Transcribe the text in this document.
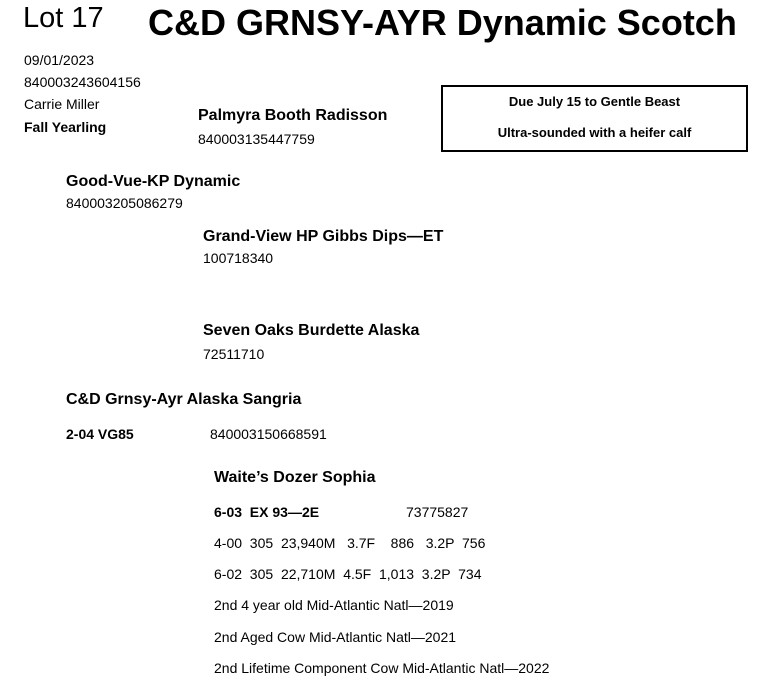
Lot 17 C&D GRNSY-AYR Dynamic Scotch
09/01/2023
840003243604156
Carrie Miller
Fall Yearling
Due July 15 to Gentle Beast
Ultra-sounded with a heifer calf
Palmyra Booth Radisson
840003135447759
Good-Vue-KP Dynamic
840003205086279
Grand-View HP Gibbs Dips—ET
100718340
Seven Oaks Burdette Alaska
72511710
C&D Grnsy-Ayr Alaska Sangria
2-04 VG85	840003150668591
Waite’s Dozer Sophia
6-03  EX 93—2E	73775827
4-00  305  23,940M   3.7F    886   3.2P  756
6-02  305  22,710M  4.5F  1,013  3.2P  734
2nd 4 year old Mid-Atlantic Natl—2019
2nd Aged Cow Mid-Atlantic Natl—2021
2nd Lifetime Component Cow Mid-Atlantic Natl—2022
